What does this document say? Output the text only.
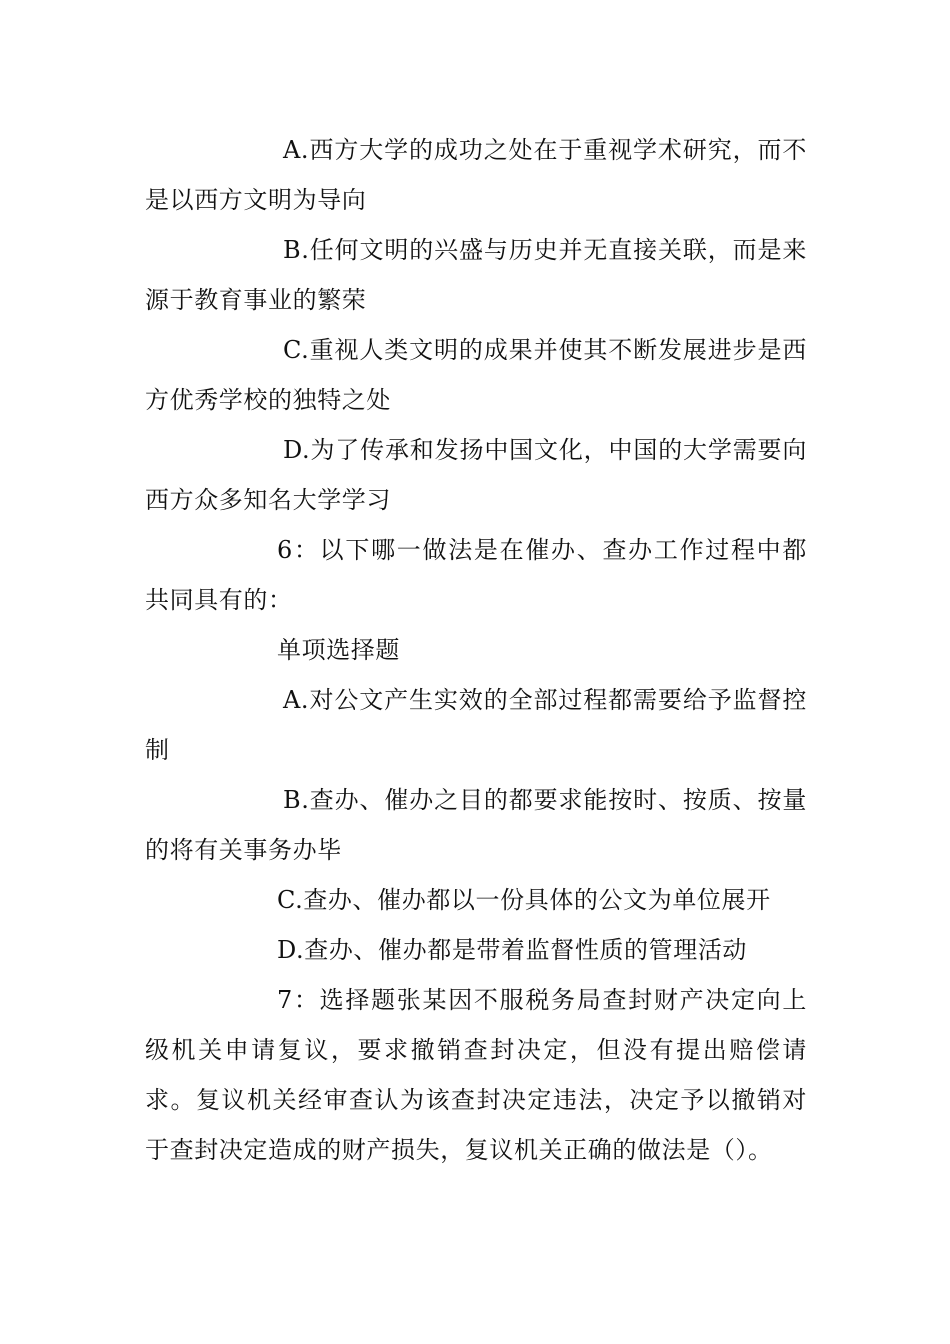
A.西方大学的成功之处在于重视学术研究，而不是以西方文明为导向

B.任何文明的兴盛与历史并无直接关联，而是来源于教育事业的繁荣

C.重视人类文明的成果并使其不断发展进步是西方优秀学校的独特之处

D.为了传承和发扬中国文化，中国的大学需要向西方众多知名大学学习

6：以下哪一做法是在催办、查办工作过程中都共同具有的：

单项选择题

A.对公文产生实效的全部过程都需要给予监督控制

B.查办、催办之目的都要求能按时、按质、按量的将有关事务办毕

C.查办、催办都以一份具体的公文为单位展开

D.查办、催办都是带着监督性质的管理活动

7：选择题张某因不服税务局查封财产决定向上级机关申请复议，要求撤销查封决定，但没有提出赔偿请求。复议机关经审查认为该查封决定违法，决定予以撤销对于查封决定造成的财产损失，复议机关正确的做法是（）。
